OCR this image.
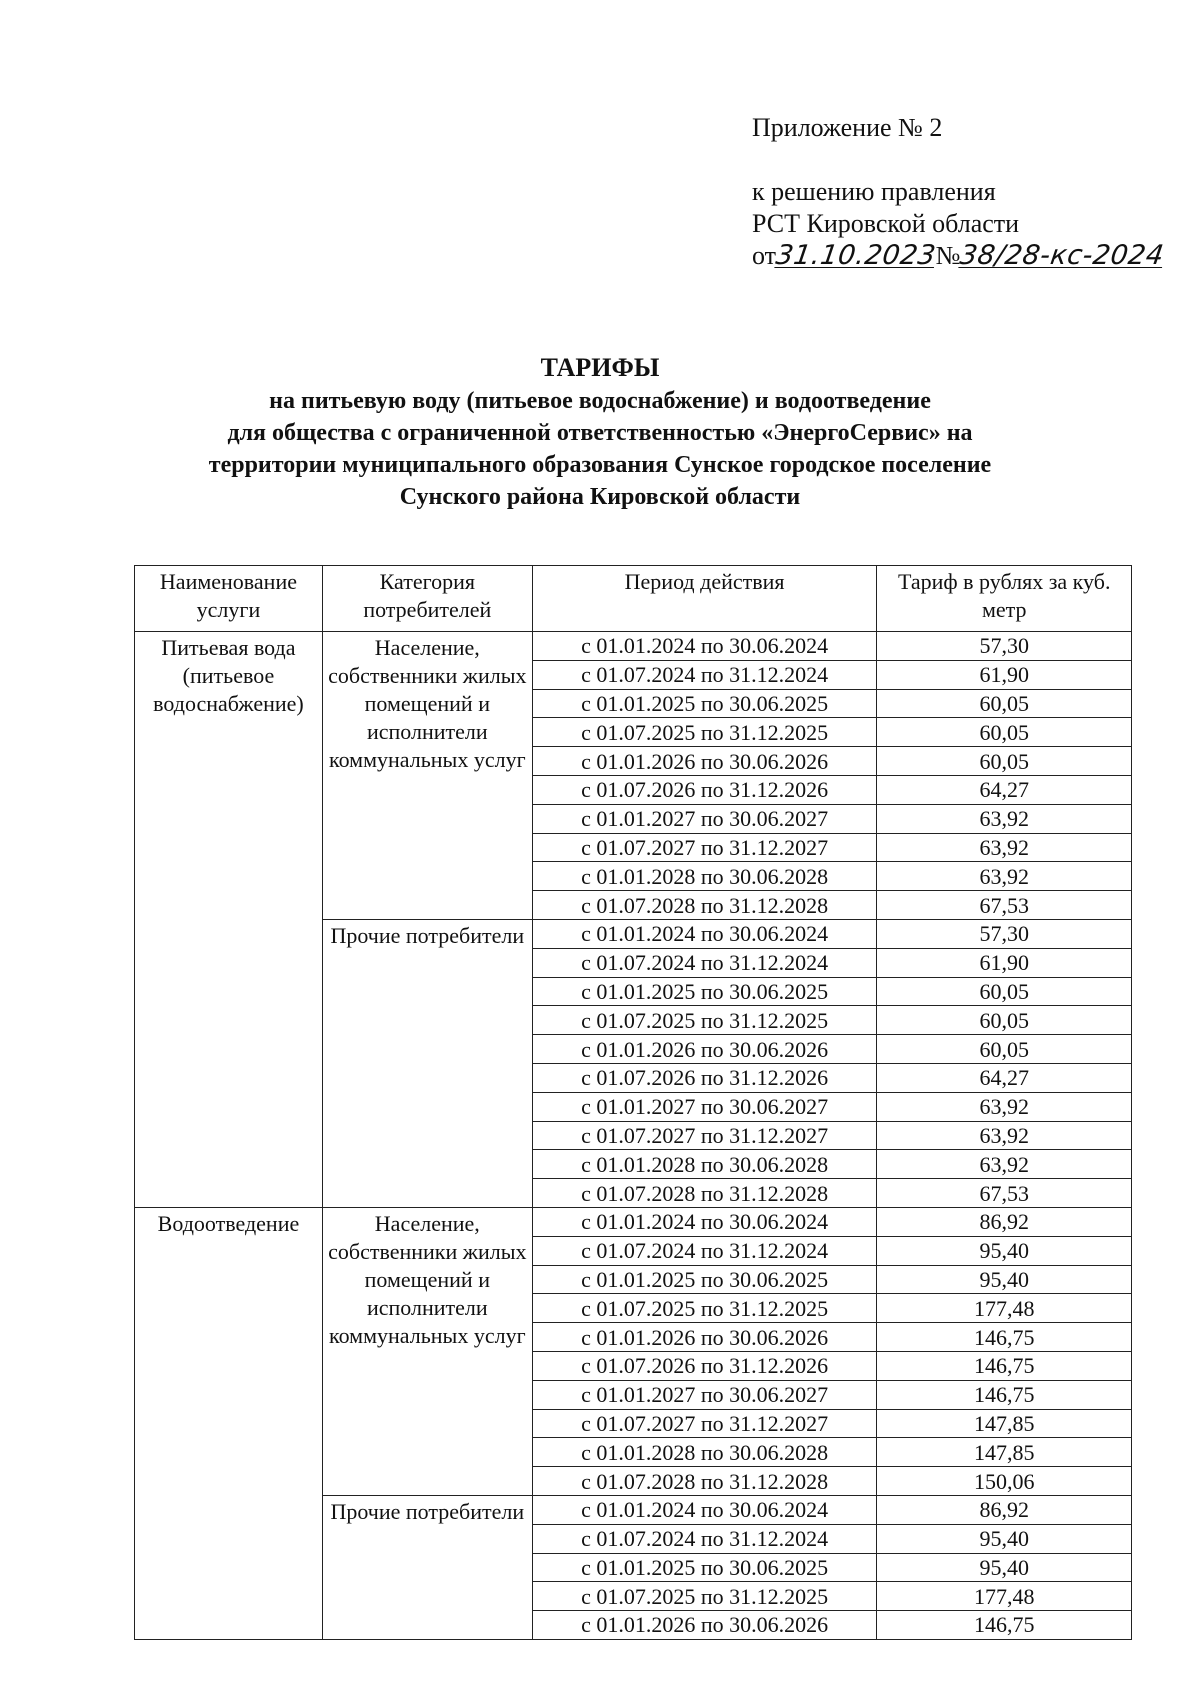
Приложение № 2
к решению правления
РСТ Кировской области
от
31.10.2023
№
38/28-кс-2024
ТАРИФЫ
на питьевую воду (питьевое водоснабжение) и водоотведение
для общества с ограниченной ответственностью «ЭнергоСервис» на
территории муниципального образования Сунское городское поселение
Сунского района Кировской области
Наименование услуги	Категория потребителей	Период действия	Тариф в рублях за куб. метр
Питьевая вода (питьевое водоснабжение)	Население, собственники жилых помещений и исполнители коммунальных услуг	с 01.01.2024 по 30.06.2024	57,30
		с 01.07.2024 по 31.12.2024	61,90
		с 01.01.2025 по 30.06.2025	60,05
		с 01.07.2025 по 31.12.2025	60,05
		с 01.01.2026 по 30.06.2026	60,05
		с 01.07.2026 по 31.12.2026	64,27
		с 01.01.2027 по 30.06.2027	63,92
		с 01.07.2027 по 31.12.2027	63,92
		с 01.01.2028 по 30.06.2028	63,92
		с 01.07.2028 по 31.12.2028	67,53
	Прочие потребители	с 01.01.2024 по 30.06.2024	57,30
		с 01.07.2024 по 31.12.2024	61,90
		с 01.01.2025 по 30.06.2025	60,05
		с 01.07.2025 по 31.12.2025	60,05
		с 01.01.2026 по 30.06.2026	60,05
		с 01.07.2026 по 31.12.2026	64,27
		с 01.01.2027 по 30.06.2027	63,92
		с 01.07.2027 по 31.12.2027	63,92
		с 01.01.2028 по 30.06.2028	63,92
		с 01.07.2028 по 31.12.2028	67,53
Водоотведение	Население, собственники жилых помещений и исполнители коммунальных услуг	с 01.01.2024 по 30.06.2024	86,92
		с 01.07.2024 по 31.12.2024	95,40
		с 01.01.2025 по 30.06.2025	95,40
		с 01.07.2025 по 31.12.2025	177,48
		с 01.01.2026 по 30.06.2026	146,75
		с 01.07.2026 по 31.12.2026	146,75
		с 01.01.2027 по 30.06.2027	146,75
		с 01.07.2027 по 31.12.2027	147,85
		с 01.01.2028 по 30.06.2028	147,85
		с 01.07.2028 по 31.12.2028	150,06
	Прочие потребители	с 01.01.2024 по 30.06.2024	86,92
		с 01.07.2024 по 31.12.2024	95,40
		с 01.01.2025 по 30.06.2025	95,40
		с 01.07.2025 по 31.12.2025	177,48
		с 01.01.2026 по 30.06.2026	146,75
